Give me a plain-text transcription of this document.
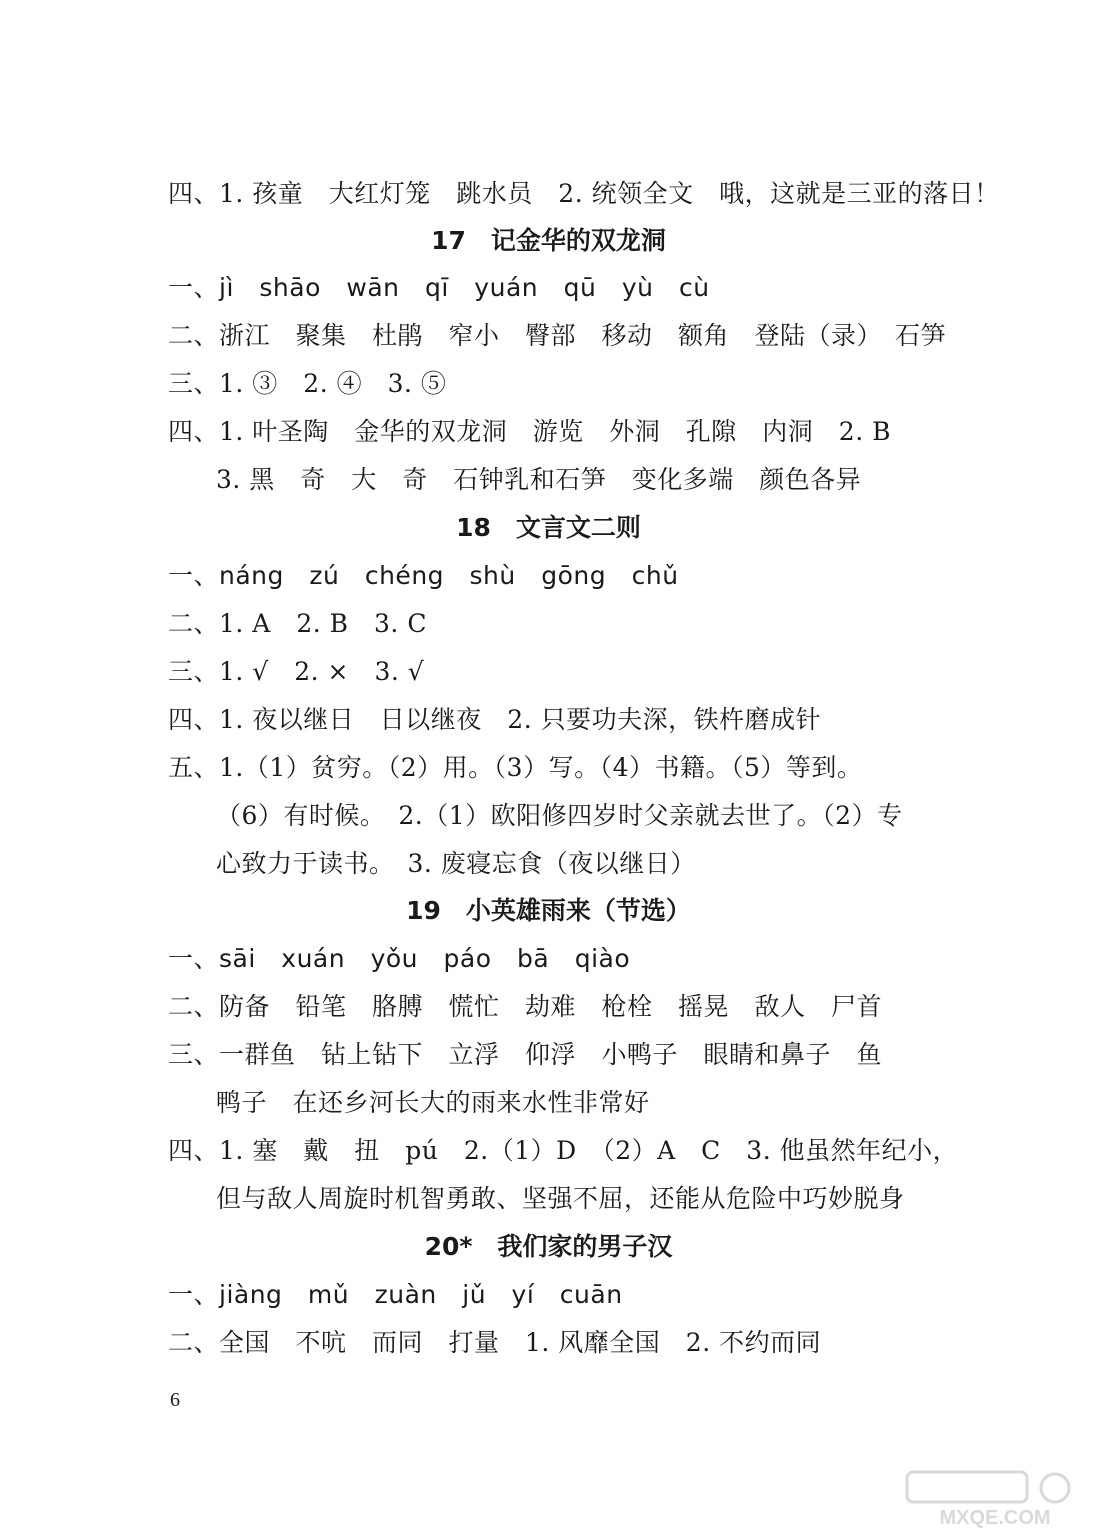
四、1. 孩童　大红灯笼　跳水员　2. 统领全文　哦，这就是三亚的落日！
17　记金华的双龙洞
一、jì　shāo　wān　qī　yuán　qū　yù　cù
二、浙江　聚集　杜鹃　窄小　臀部　移动　额角　登陆（录）　石笋
三、1. ③　2. ④　3. ⑤
四、1. 叶圣陶　金华的双龙洞　游览　外洞　孔隙　内洞　2. B
3. 黑　奇　大　奇　石钟乳和石笋　变化多端　颜色各异
18　文言文二则
一、náng　zú　chéng　shù　gōng　chǔ
二、1. A　2. B　3. C
三、1. √　2. ×　3. √
四、1. 夜以继日　日以继夜　2. 只要功夫深，铁杵磨成针
五、1.（1）贫穷。（2）用。（3）写。（4）书籍。（5）等到。
（6）有时候。　2.（1）欧阳修四岁时父亲就去世了。（2）专
心致力于读书。　3. 废寝忘食（夜以继日）
19　小英雄雨来（节选）
一、sāi　xuán　yǒu　páo　bā　qiào
二、防备　铅笔　胳膊　慌忙　劫难　枪栓　摇晃　敌人　尸首
三、一群鱼　钻上钻下　立浮　仰浮　小鸭子　眼睛和鼻子　鱼
鸭子　在还乡河长大的雨来水性非常好
四、1. 塞　戴　扭　pú　2.（1）D　（2）A　C　3. 他虽然年纪小，
但与敌人周旋时机智勇敢、坚强不屈，还能从危险中巧妙脱身
20*　我们家的男子汉
一、jiàng　mǔ　zuàn　jǔ　yí　cuān
二、全国　不吭　而同　打量　1. 风靡全国　2. 不约而同
6
MXQE.COM
